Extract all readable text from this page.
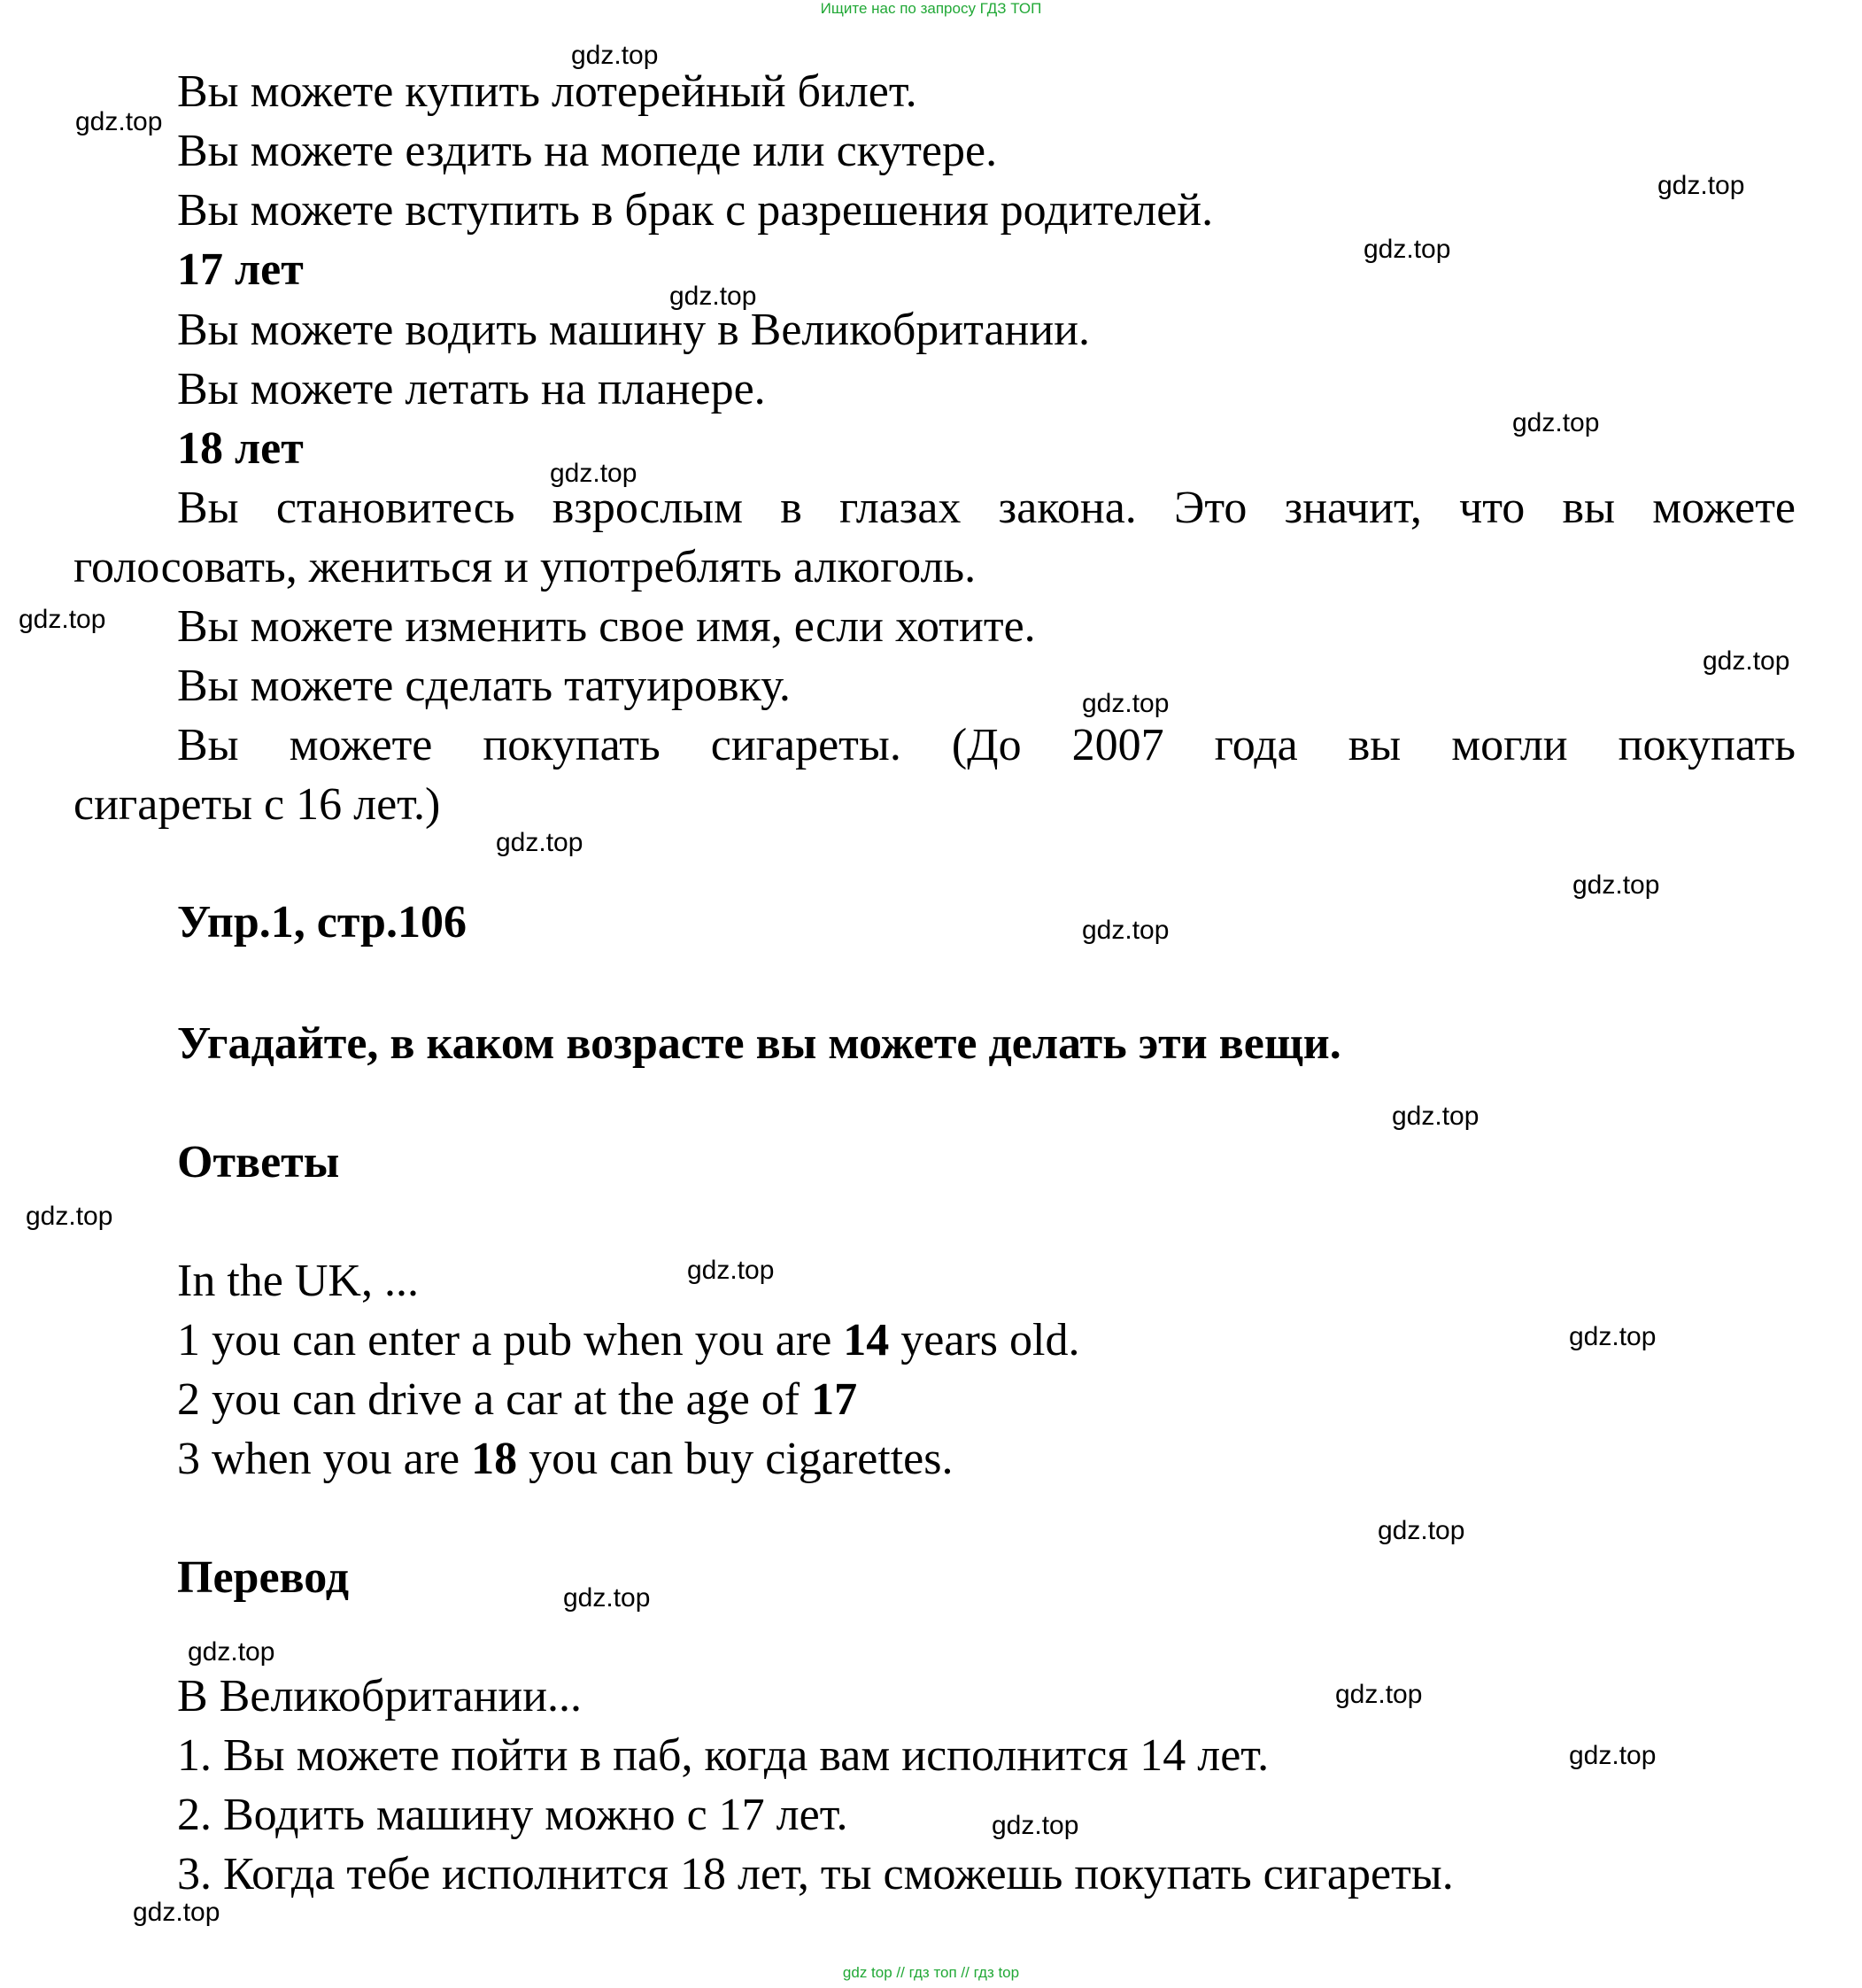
Ищите нас по запросу ГДЗ ТОП
Вы можете купить лотерейный билет.
Вы можете ездить на мопеде или скутере.
Вы можете вступить в брак с разрешения родителей.
17 лет
Вы можете водить машину в Великобритании.
Вы можете летать на планере.
18 лет
Вы становитесь взрослым в глазах закона. Это значит, что вы можете
голосовать, жениться и употреблять алкоголь.
Вы можете изменить свое имя, если хотите.
Вы можете сделать татуировку.
Вы можете покупать сигареты. (До 2007 года вы могли покупать
сигареты с 16 лет.)
Упр.1, стр.106
Угадайте, в каком возрасте вы можете делать эти вещи.
Ответы
In the UK, ...
1 you can enter a pub when you are 14 years old.
2 you can drive a car at the age of 17
3 when you are 18 you can buy cigarettes.
Перевод
В Великобритании...
1. Вы можете пойти в паб, когда вам исполнится 14 лет.
2. Водить машину можно с 17 лет.
3. Когда тебе исполнится 18 лет, ты сможешь покупать сигареты.
gdz.top
gdz.top
gdz.top
gdz.top
gdz.top
gdz.top
gdz.top
gdz.top
gdz.top
gdz.top
gdz.top
gdz.top
gdz.top
gdz.top
gdz.top
gdz.top
gdz.top
gdz.top
gdz.top
gdz.top
gdz.top
gdz.top
gdz.top
gdz.top
gdz top // гдз топ // гдз top
